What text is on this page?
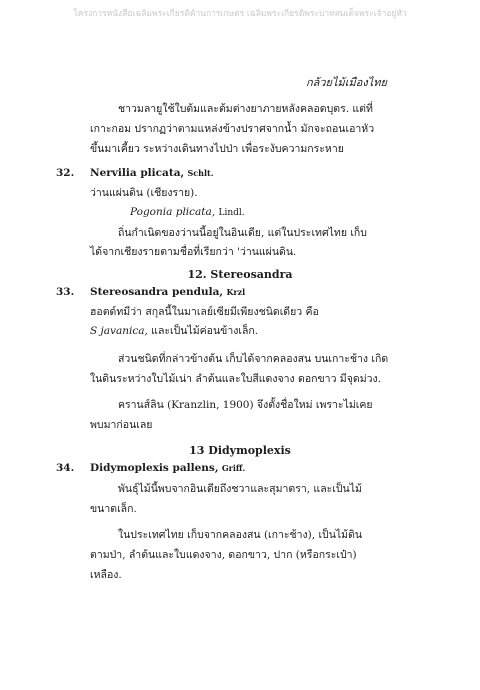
โครงการหนังสือเฉลิมพระเกียรติด้านการเกษตร เฉลิมพระเกียรติพระบาทสมเด็จพระเจ้าอยู่หัว
กล้วยไม้เมืองไทย
ชาวมลายูใช้ใบต้มและต้มต่างยาภายหลังคลอดบุตร. แต่ที่
เกาะกอม ปรากฏว่าตามแหล่งข้างปราศจากน้ำ มักจะถอนเอาหัว
ขึ้นมาเคี้ยว ระหว่างเดินทางไปป่า เพื่อระงับความกระหาย
32. Nervilia plicata, Schlt.
ว่านแผ่นดิน (เชียงราย).
Pogonia plicata, Lindl.
ถิ่นกำเนิดของว่านนี้อยู่ในอินเดีย, แต่ในประเทศไทย เก็บ
ได้จากเชียงรายตามชื่อที่เรียกว่า 'ว่านแผ่นดิน.
12. Stereosandra
33. Stereosandra pendula, Krzl
ฮอตด์ทมีว่า สกุลนี้ในมาเลย์เซียมีเพียงชนิดเดียว คือ
S javanica, และเป็นไม้ค่อนข้างเล็ก.
ส่วนชนิดที่กล่าวข้างต้น เก็บได้จากคลองสน บนเกาะช้าง เกิด
ในดินระหว่างใบไม้เน่า ลำต้นและใบสีแดงจาง ดอกขาว มีจุดม่วง.
ครานส์ลิน (Kranzlin, 1900) จึงตั้งชื่อใหม่ เพราะไม่เคย
พบมาก่อนเลย
13 Didymoplexis
34. Didymoplexis pallens, Griff.
พันธุ์ไม้นี้พบจากอินเดียถึงชวาและสุมาตรา, และเป็นไม้
ขนาดเล็ก.
ในประเทศไทย เก็บจากคลองสน (เกาะช้าง), เป็นไม้ดิน
ตามป่า, ลำต้นและใบแดงจาง, ดอกขาว, ปาก (หรือกระเป๋า)
เหลือง.
